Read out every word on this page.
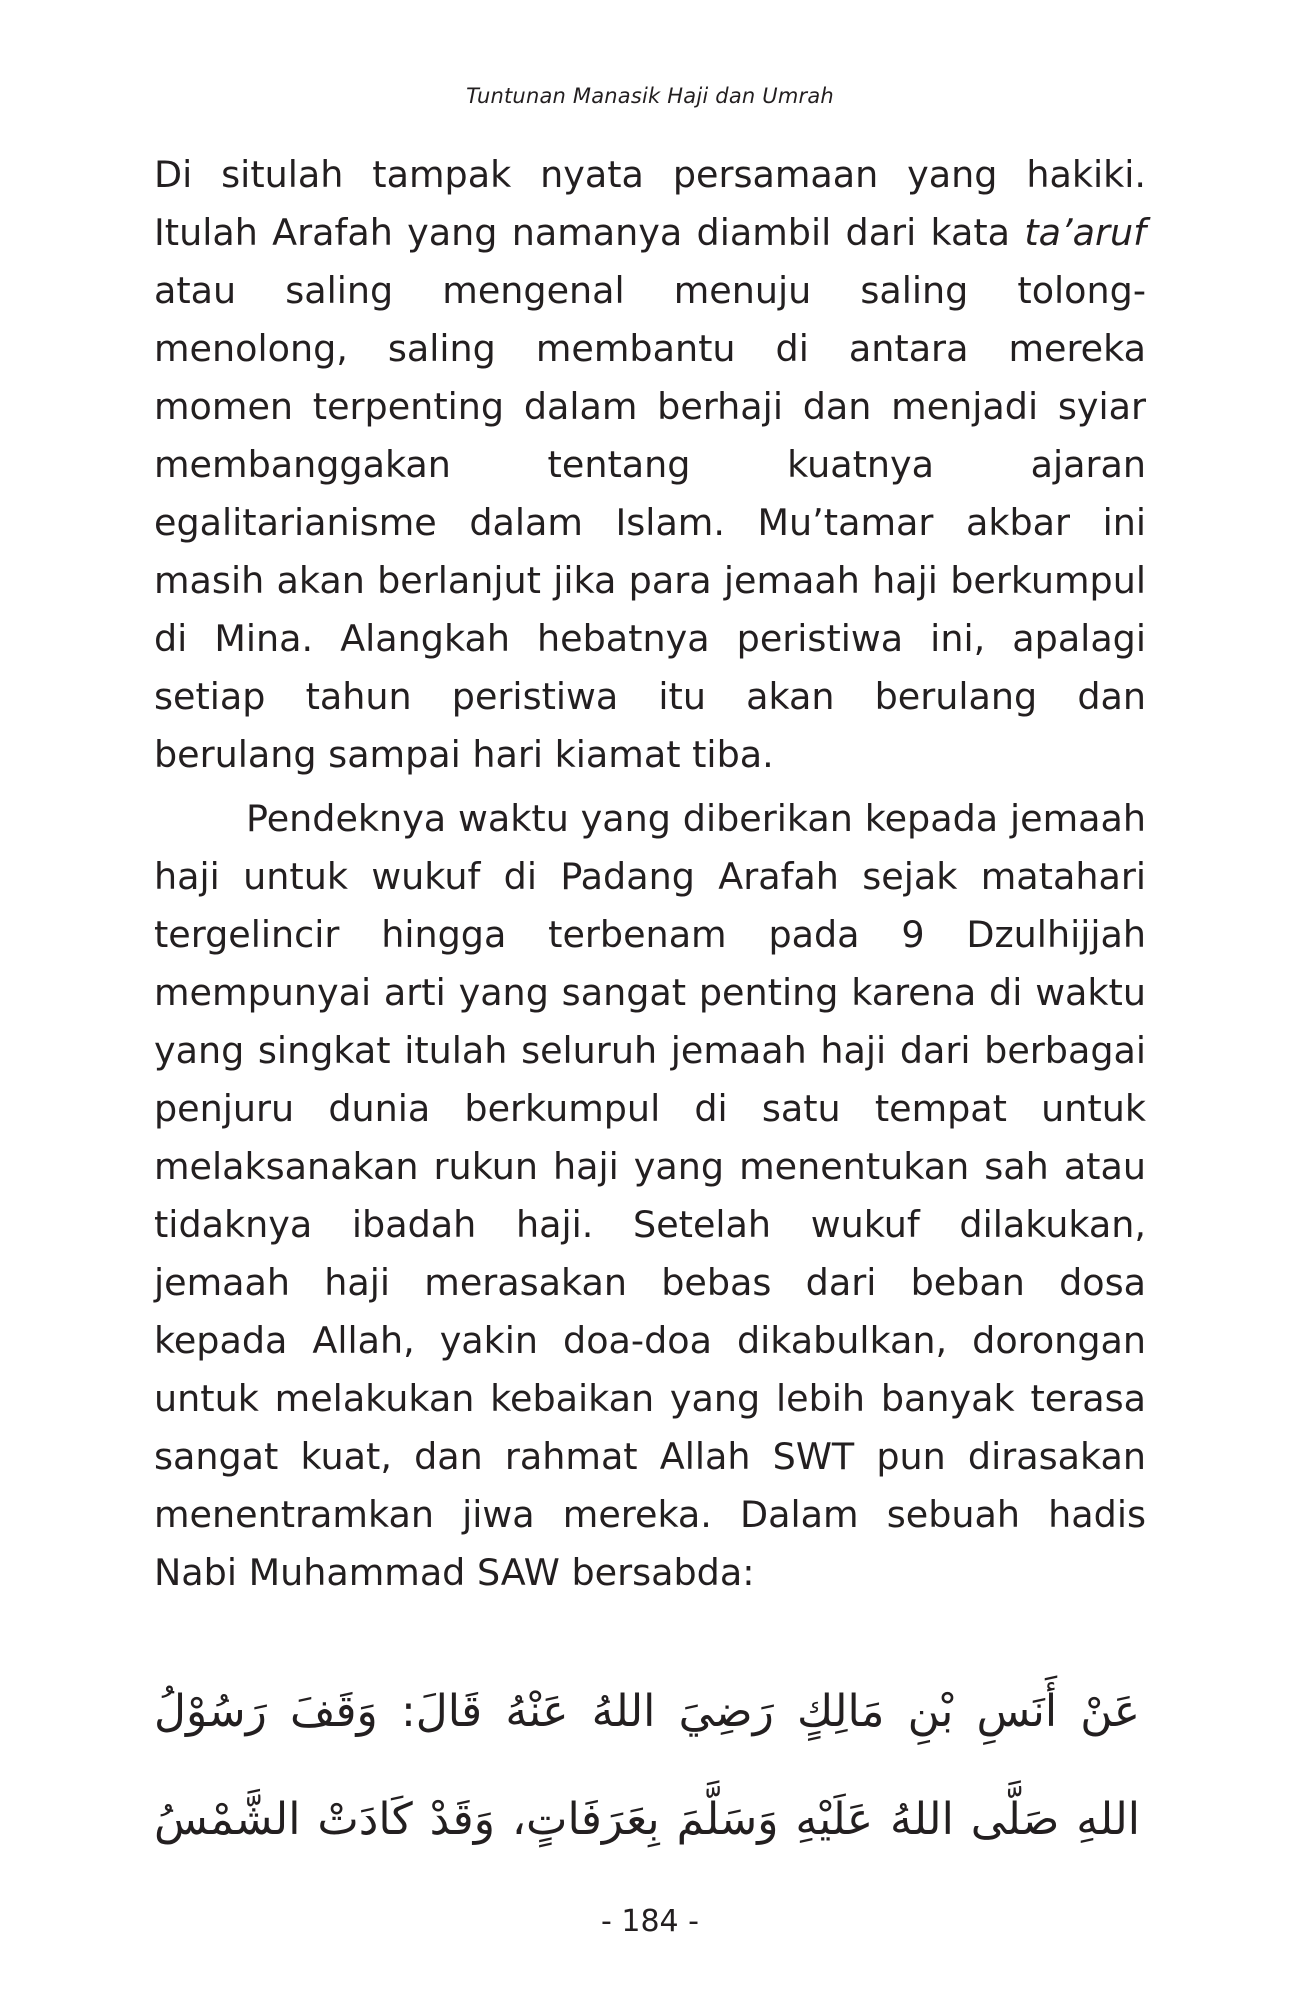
Tuntunan Manasik Haji dan Umrah

Di situlah tampak nyata persamaan yang hakiki. Itulah Arafah yang namanya diambil dari kata ta’aruf atau saling mengenal menuju saling tolong-menolong, saling membantu di antara mereka momen terpenting dalam berhaji dan menjadi syiar membanggakan tentang kuatnya ajaran egalitarianisme dalam Islam. Mu’tamar akbar ini masih akan berlanjut jika para jemaah haji berkumpul di Mina. Alangkah hebatnya peristiwa ini, apalagi setiap tahun peristiwa itu akan berulang dan berulang sampai hari kiamat tiba.

Pendeknya waktu yang diberikan kepada jemaah haji untuk wukuf di Padang Arafah sejak matahari tergelincir hingga terbenam pada 9 Dzulhijjah mempunyai arti yang sangat penting karena di waktu yang singkat itulah seluruh jemaah haji dari berbagai penjuru dunia berkumpul di satu tempat untuk melaksanakan rukun haji yang menentukan sah atau tidaknya ibadah haji. Setelah wukuf dilakukan, jemaah haji merasakan bebas dari beban dosa kepada Allah, yakin doa-doa dikabulkan, dorongan untuk melakukan kebaikan yang lebih banyak terasa sangat kuat, dan rahmat Allah SWT pun dirasakan menentramkan jiwa mereka. Dalam sebuah hadis Nabi Muhammad SAW bersabda:

عَنْ أَنَسِ بْنِ مَالِكٍ رَضِيَ اللهُ عَنْهُ قَالَ: وَقَفَ رَسُوْلُ
اللهِ صَلَّى اللهُ عَلَيْهِ وَسَلَّمَ بِعَرَفَاتٍ، وَقَدْ كَادَتْ الشَّمْسُ
- 184 -
